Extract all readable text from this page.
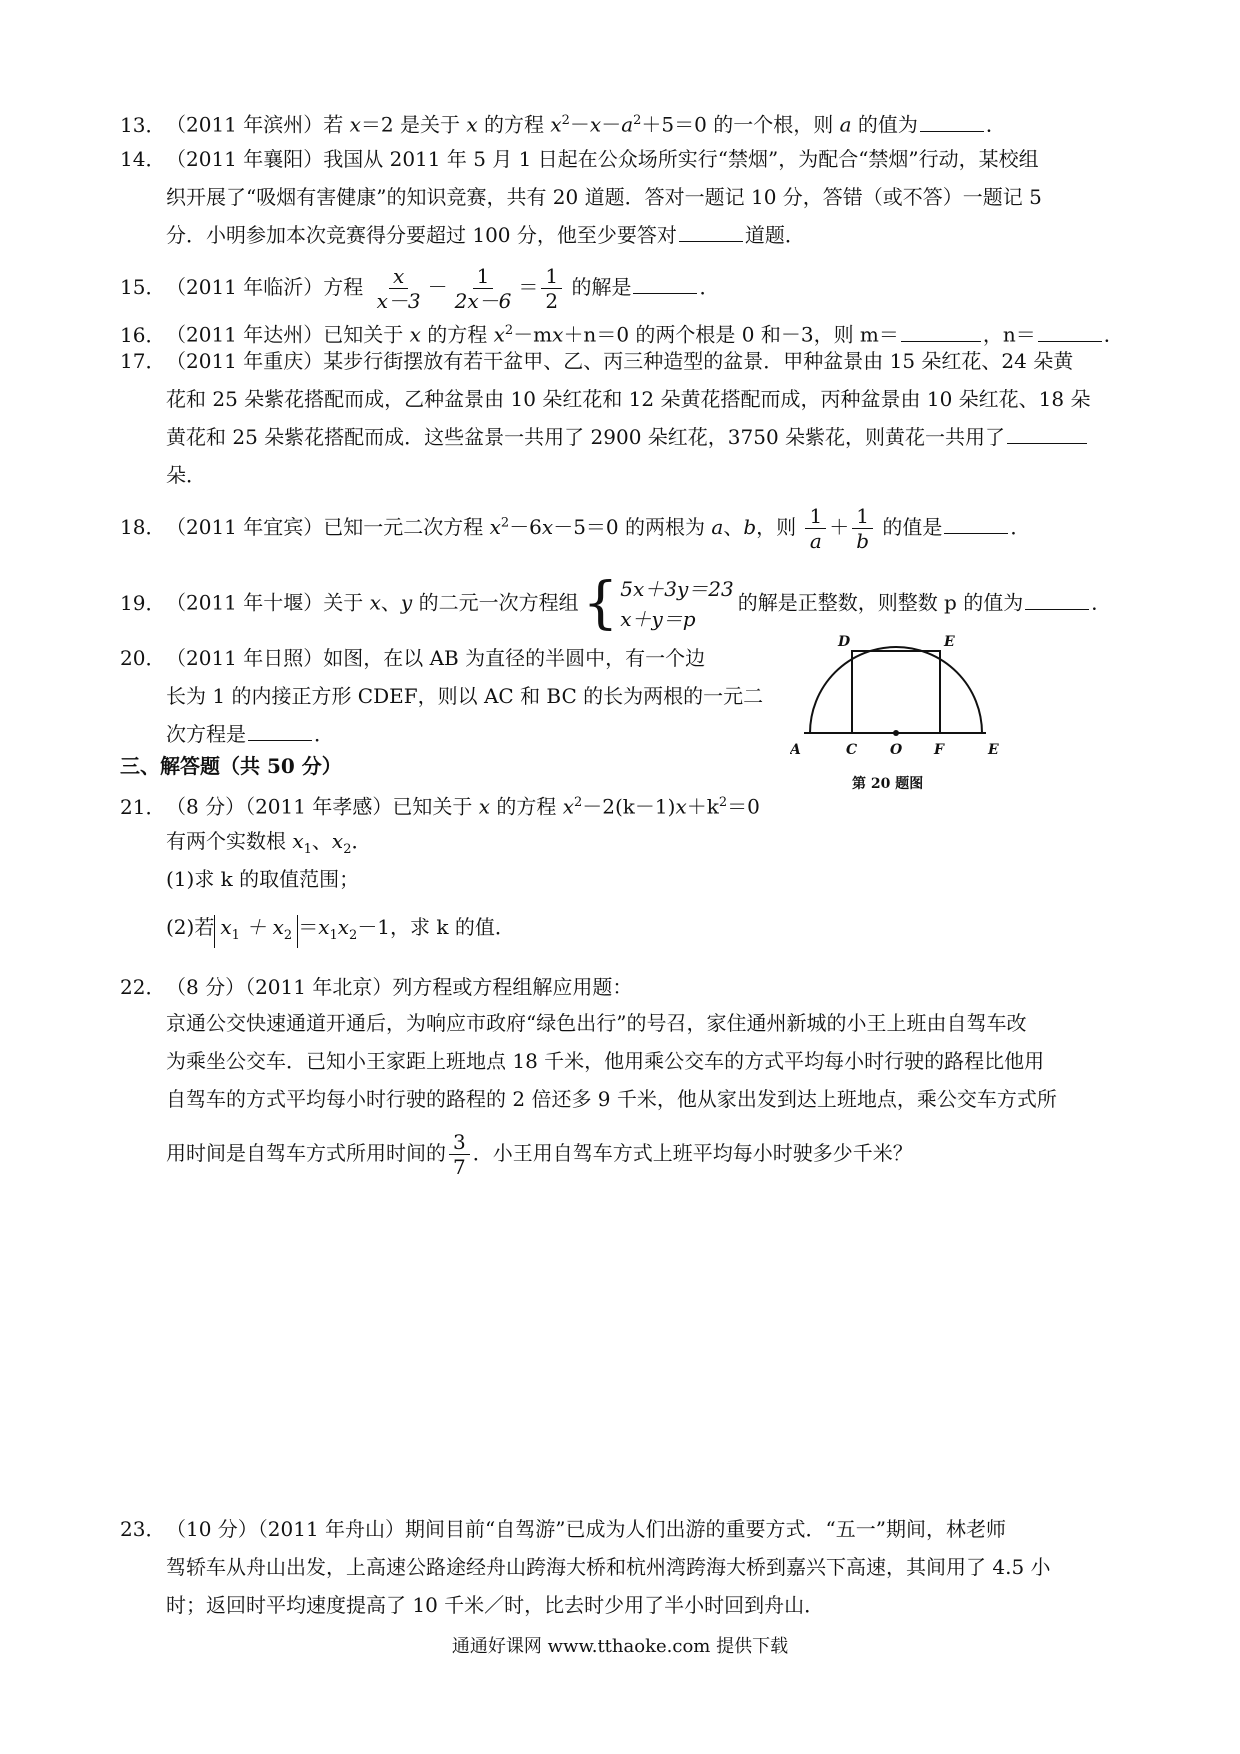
13．（2011 年滨州）若 x＝2 是关于 x 的方程 $x^2-x-a^2+5=0$ 的一个根，则 a 的值为	．
14．（2011 年襄阳）我国从 2011 年 5 月 1 日起在公众场所实行“禁烟”，为配合“禁烟”行动，某校组
织开展了“吸烟有害健康”的知识竞赛，共有 20 道题．答对一题记 10 分，答错（或不答）一题记 5
分．小明参加本次竞赛得分要超过 100 分，他至少要答对	道题．
15．（2011 年临沂）方程 $\frac{x}{x-3} - \frac{1}{2x-6} = \frac{1}{2}$ 的解是	．
16．（2011 年达州）已知关于 x 的方程 $x^2-mx+n=0$ 的两个根是 0 和－3，则 m＝	，n＝	．
17．（2011 年重庆）某步行街摆放有若干盆甲、乙、丙三种造型的盆景．甲种盆景由 15 朵红花、24 朵黄
花和 25 朵紫花搭配而成，乙种盆景由 10 朵红花和 12 朵黄花搭配而成，丙种盆景由 10 朵红花、18 朵
黄花和 25 朵紫花搭配而成．这些盆景一共用了 2900 朵红花，3750 朵紫花，则黄花一共用了
朵．
18．（2011 年宜宾）已知一元二次方程 $x^2-6x-5=0$ 的两根为 a、b，则 $\frac{1}{a} + \frac{1}{b}$ 的值是	．
19．（2011 年十堰）关于 x、y 的二元一次方程组 { 5x＋3y＝23
x＋y＝p
的解是正整数，则整数 p 的值为	．
20．（2011 年日照）如图，在以 AB 为直径的半圆中，有一个边
长为 1 的内接正方形 CDEF，则以 AC 和 BC 的长为两根的一元二
次方程是	．
D	E
A	C O F	E
第 20 题图
三、解答题（共 50 分）
21．（8 分）（2011 年孝感）已知关于 x 的方程 $x^2-2(k-1)x+k^2=0$
有两个实数根 $x_1$、$x_2$．
(1)求 k 的取值范围；
(2)若 $x_1 + x_2 =x_1x_2-1$，求 k 的值．
22．（8 分）（2011 年北京）列方程或方程组解应用题：
京通公交快速通道开通后，为响应市政府“绿色出行”的号召，家住通州新城的小王上班由自驾车改
为乘坐公交车．已知小王家距上班地点 18 千米，他用乘公交车的方式平均每小时行驶的路程比他用
自驾车的方式平均每小时行驶的路程的 2 倍还多 9 千米，他从家出发到达上班地点，乘公交车方式所
用时间是自驾车方式所用时间的 $\frac{3}{7}$ ．小王用自驾车方式上班平均每小时驶多少千米？
23．（10 分）（2011 年舟山）期间目前“自驾游”已成为人们出游的重要方式．“五一”期间，林老师
驾轿车从舟山出发，上高速公路途经舟山跨海大桥和杭州湾跨海大桥到嘉兴下高速，其间用了 4.5 小
时；返回时平均速度提高了 10 千米／时，比去时少用了半小时回到舟山．
通通好课网 www.tthaoke.com 提供下载
